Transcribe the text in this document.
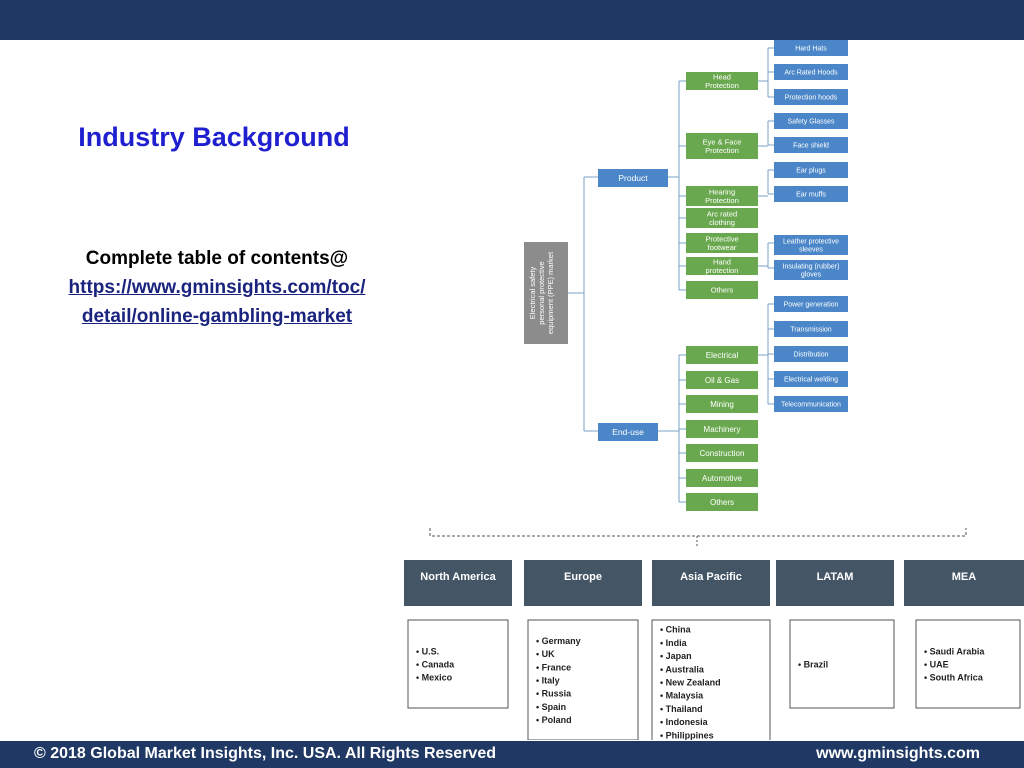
Industry Background
Complete table of contents@
https://www.gminsights.com/toc/
detail/online-gambling-market	Electrical safety personal protective equipment (PPE) market
Product
End-use
Head
Protection
Eye & Face
Protection
Hearing
Protection
Arc rated
clothing
Protective
footwear
Hand
protection
Others
Hard Hats
Arc Rated Hoods
Protection hoods
Safety Glasses
Face shield
Ear plugs
Ear muffs
Leather protective
sleeves
Insulating (rubber)
gloves
Electrical
Oil & Gas
Mining
Machinery
Construction
Automotive
Others
Power generation
Transmission
Distribution
Electrical welding
Telecommunication
North America
• U.S.
• Canada
• Mexico
Europe
• Germany
• UK
• France
• Italy
• Russia
• Spain
• Poland
Asia Pacific
• China
• India
• Japan
• Australia
• New Zealand
• Malaysia
• Thailand
• Indonesia
• Philippines
LATAM
• Brazil
MEA
• Saudi Arabia
• UAE
• South Africa
© 2018 Global Market Insights, Inc. USA. All Rights Reserved	www.gminsights.com
